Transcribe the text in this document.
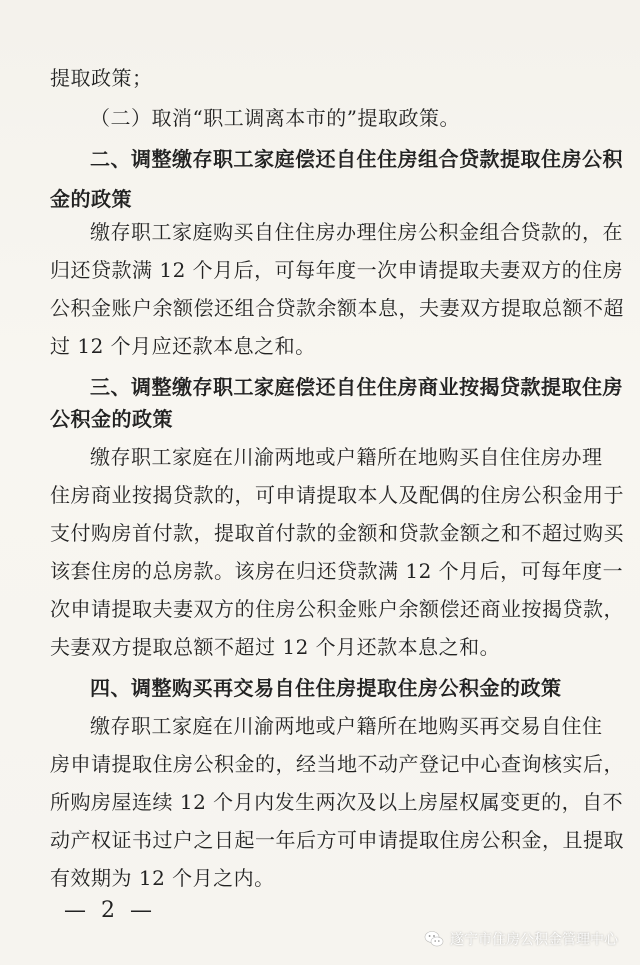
提取政策；
（二）取消“职工调离本市的”提取政策。
二、调整缴存职工家庭偿还自住住房组合贷款提取住房公积
金的政策
缴存职工家庭购买自住住房办理住房公积金组合贷款的，在
归还贷款满 12 个月后，可每年度一次申请提取夫妻双方的住房
公积金账户余额偿还组合贷款余额本息，夫妻双方提取总额不超
过 12 个月应还款本息之和。
三、调整缴存职工家庭偿还自住住房商业按揭贷款提取住房
公积金的政策
缴存职工家庭在川渝两地或户籍所在地购买自住住房办理
住房商业按揭贷款的，可申请提取本人及配偶的住房公积金用于
支付购房首付款，提取首付款的金额和贷款金额之和不超过购买
该套住房的总房款。该房在归还贷款满 12 个月后，可每年度一
次申请提取夫妻双方的住房公积金账户余额偿还商业按揭贷款，
夫妻双方提取总额不超过 12 个月还款本息之和。
四、调整购买再交易自住住房提取住房公积金的政策
缴存职工家庭在川渝两地或户籍所在地购买再交易自住住
房申请提取住房公积金的，经当地不动产登记中心查询核实后，
所购房屋连续 12 个月内发生两次及以上房屋权属变更的，自不
动产权证书过户之日起一年后方可申请提取住房公积金，且提取
有效期为 12 个月之内。
— 2 —
遂宁市住房公积金管理中心
